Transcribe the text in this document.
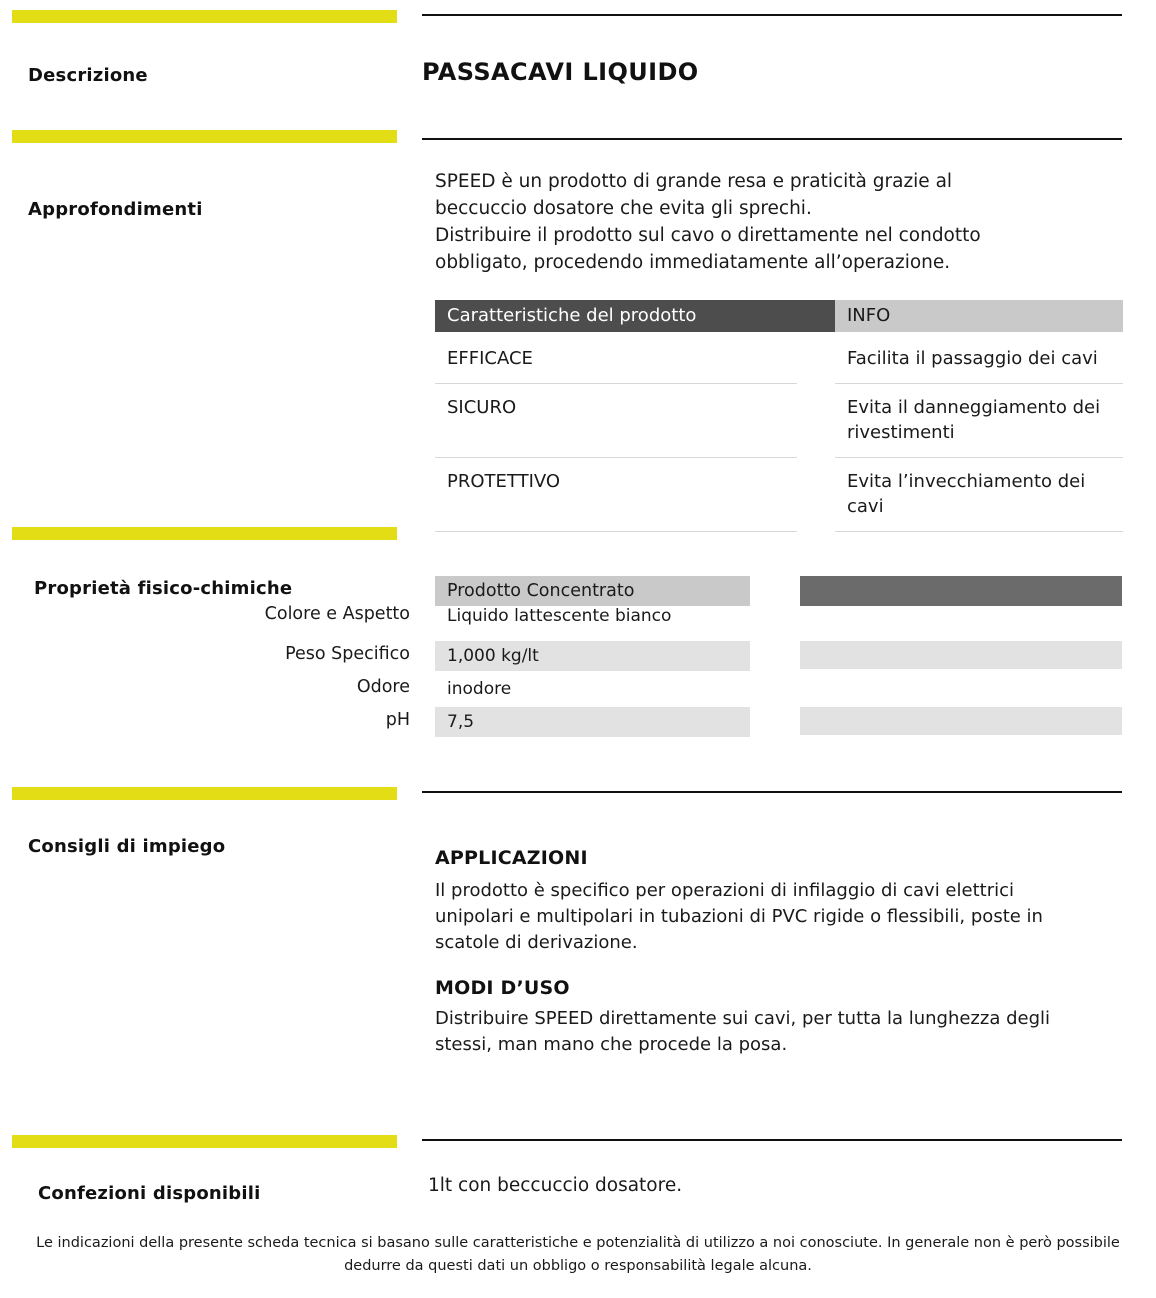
Descrizione	PASSACAVI LIQUIDO
Approfondimenti
SPEED è un prodotto di grande resa e praticità grazie al
beccuccio dosatore che evita gli sprechi.
Distribuire il prodotto sul cavo o direttamente nel condotto
obbligato, procedendo immediatamente all’operazione.
Caratteristiche del prodotto		INFO
EFFICACE		Facilita il passaggio dei cavi
SICURO		Evita il danneggiamento dei rivestimenti
PROTETTIVO		Evita l’invecchiamento dei cavi
Proprietà fisico-chimiche	Prodotto Concentrato
Colore e Aspetto	Liquido lattescente bianco
Peso Specifico	1,000 kg/lt
Odore	inodore
pH	7,5
Consigli di impiego
APPLICAZIONI
Il prodotto è specifico per operazioni di infilaggio di cavi elettrici
unipolari e multipolari in tubazioni di PVC rigide o flessibili, poste in
scatole di derivazione.
MODI D’USO
Distribuire SPEED direttamente sui cavi, per tutta la lunghezza degli
stessi, man mano che procede la posa.
Confezioni disponibili	1lt con beccuccio dosatore.
Le indicazioni della presente scheda tecnica si basano sulle caratteristiche e potenzialità di utilizzo a noi conosciute. In generale non è però possibile
dedurre da questi dati un obbligo o responsabilità legale alcuna.
